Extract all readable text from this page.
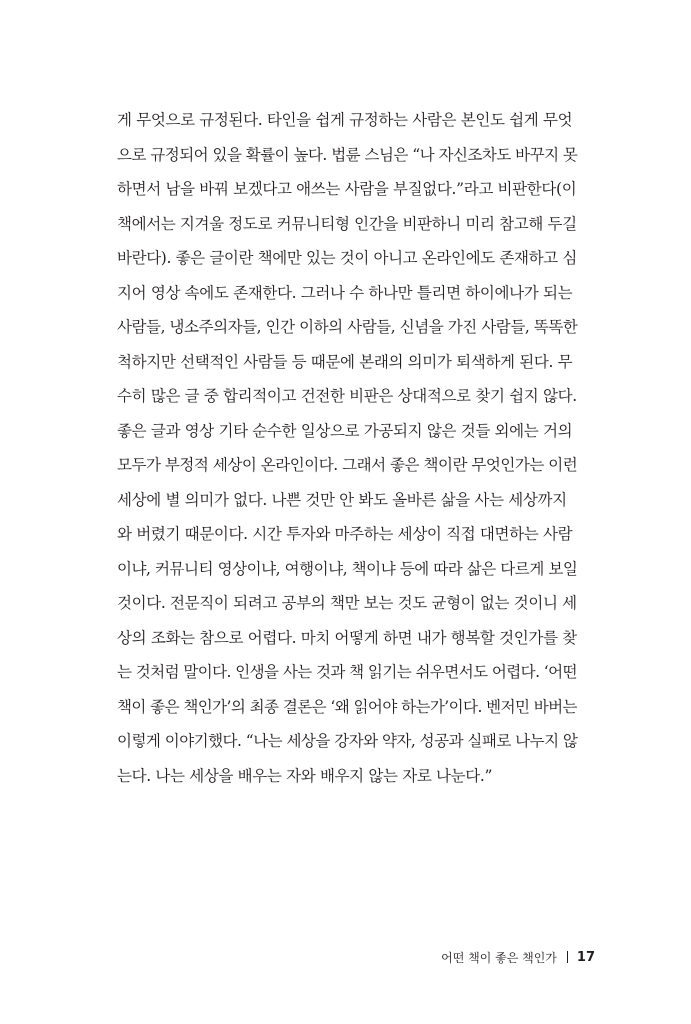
게 무엇으로 규정된다. 타인을 쉽게 규정하는 사람은 본인도 쉽게 무엇
으로 규정되어 있을 확률이 높다. 법륜 스님은 “나 자신조차도 바꾸지 못
하면서 남을 바꿔 보겠다고 애쓰는 사람을 부질없다.”라고 비판한다(이
책에서는 지겨울 정도로 커뮤니티형 인간을 비판하니 미리 참고해 두길
바란다). 좋은 글이란 책에만 있는 것이 아니고 온라인에도 존재하고 심
지어 영상 속에도 존재한다. 그러나 수 하나만 틀리면 하이에나가 되는
사람들, 냉소주의자들, 인간 이하의 사람들, 신념을 가진 사람들, 똑똑한
척하지만 선택적인 사람들 등 때문에 본래의 의미가 퇴색하게 된다. 무
수히 많은 글 중 합리적이고 건전한 비판은 상대적으로 찾기 쉽지 않다.
좋은 글과 영상 기타 순수한 일상으로 가공되지 않은 것들 외에는 거의
모두가 부정적 세상이 온라인이다. 그래서 좋은 책이란 무엇인가는 이런
세상에 별 의미가 없다. 나쁜 것만 안 봐도 올바른 삶을 사는 세상까지
와 버렸기 때문이다. 시간 투자와 마주하는 세상이 직접 대면하는 사람
이냐, 커뮤니티 영상이냐, 여행이냐, 책이냐 등에 따라 삶은 다르게 보일
것이다. 전문직이 되려고 공부의 책만 보는 것도 균형이 없는 것이니 세
상의 조화는 참으로 어렵다. 마치 어떻게 하면 내가 행복할 것인가를 찾
는 것처럼 말이다. 인생을 사는 것과 책 읽기는 쉬우면서도 어렵다. ‘어떤
책이 좋은 책인가’의 최종 결론은 ‘왜 읽어야 하는가’이다. 벤저민 바버는
이렇게 이야기했다. “나는 세상을 강자와 약자, 성공과 실패로 나누지 않
는다. 나는 세상을 배우는 자와 배우지 않는 자로 나눈다.”
어떤 책이 좋은 책인가 17
